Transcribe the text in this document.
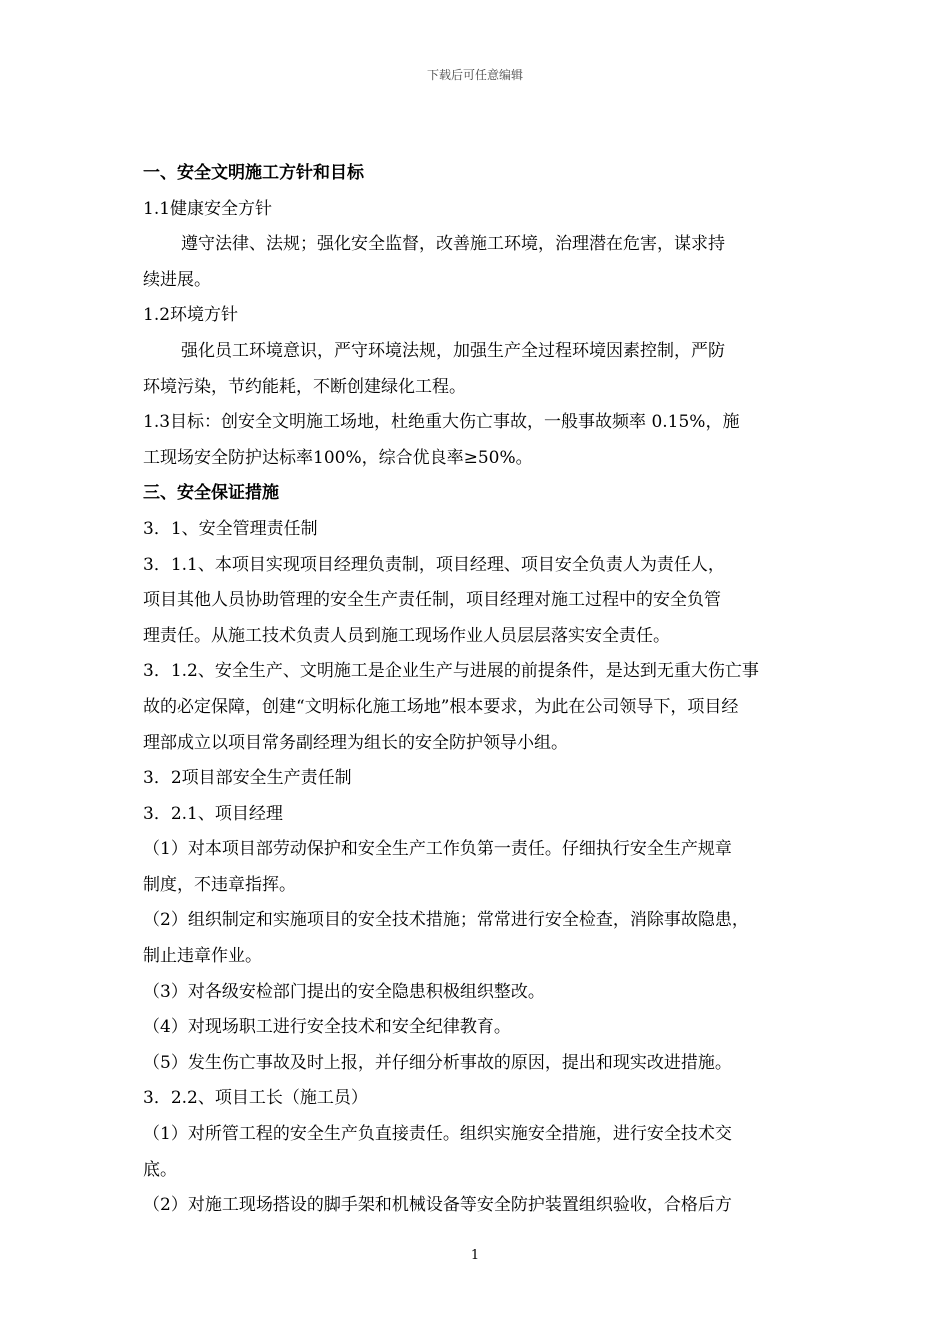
下载后可任意编辑
一、安全文明施工方针和目标
1.1健康安全方针
遵守法律、法规；强化安全监督，改善施工环境，治理潜在危害，谋求持
续进展。
1.2环境方针
强化员工环境意识，严守环境法规，加强生产全过程环境因素控制，严防
环境污染，节约能耗，不断创建绿化工程。
1.3目标：创安全文明施工场地，杜绝重大伤亡事故，一般事故频率 0.15%，施
工现场安全防护达标率100%，综合优良率≥50%。
三、安全保证措施
3．1、安全管理责任制
3．1.1、本项目实现项目经理负责制，项目经理、项目安全负责人为责任人，
项目其他人员协助管理的安全生产责任制，项目经理对施工过程中的安全负管
理责任。从施工技术负责人员到施工现场作业人员层层落实安全责任。
3．1.2、安全生产、文明施工是企业生产与进展的前提条件，是达到无重大伤亡事
故的必定保障，创建“文明标化施工场地”根本要求，为此在公司领导下，项目经
理部成立以项目常务副经理为组长的安全防护领导小组。
3．2项目部安全生产责任制
3．2.1、项目经理
（1）对本项目部劳动保护和安全生产工作负第一责任。仔细执行安全生产规章
制度，不违章指挥。
（2）组织制定和实施项目的安全技术措施；常常进行安全检查，消除事故隐患，
制止违章作业。
（3）对各级安检部门提出的安全隐患积极组织整改。
（4）对现场职工进行安全技术和安全纪律教育。
（5）发生伤亡事故及时上报，并仔细分析事故的原因，提出和现实改进措施。
3．2.2、项目工长（施工员）
（1）对所管工程的安全生产负直接责任。组织实施安全措施，进行安全技术交
底。
（2）对施工现场搭设的脚手架和机械设备等安全防护装置组织验收，合格后方
1
